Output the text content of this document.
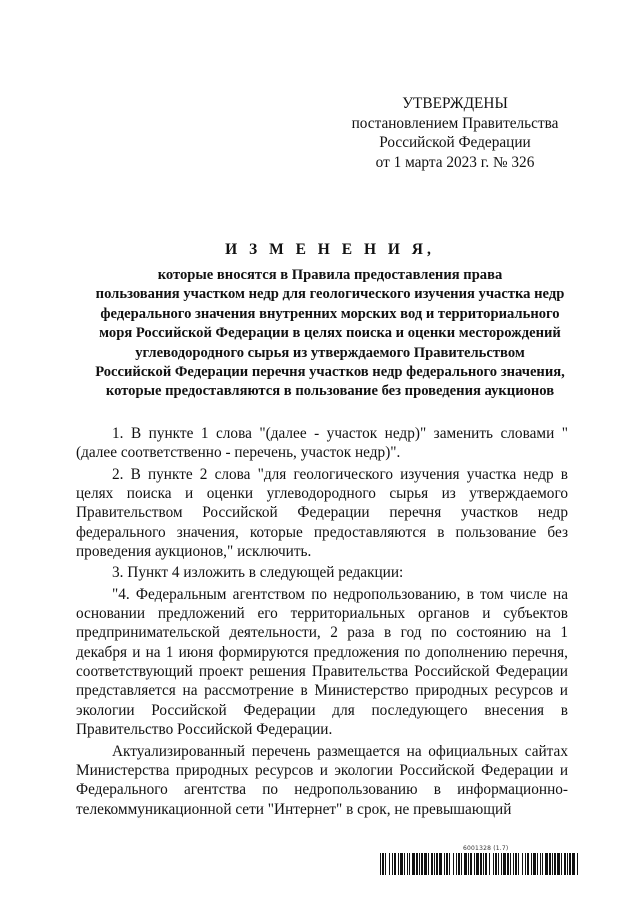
УТВЕРЖДЕНЫ
постановлением Правительства
Российской Федерации
от 1 марта 2023 г. № 326
И З М Е Н Е Н И Я,
которые вносятся в Правила предоставления права
пользования участком недр для геологического изучения участка недр
федерального значения внутренних морских вод и территориального
моря Российской Федерации в целях поиска и оценки месторождений
углеводородного сырья из утверждаемого Правительством
Российской Федерации перечня участков недр федерального значения,
которые предоставляются в пользование без проведения аукционов

1. В пункте 1 слова "(далее - участок недр)" заменить словами "(далее соответственно - перечень, участок недр)".

2. В пункте 2 слова "для геологического изучения участка недр в целях поиска и оценки углеводородного сырья из утверждаемого Правительством Российской Федерации перечня участков недр федерального значения, которые предоставляются в пользование без проведения аукционов," исключить.

3. Пункт 4 изложить в следующей редакции:

"4. Федеральным агентством по недропользованию, в том числе на основании предложений его территориальных органов и субъектов предпринимательской деятельности, 2 раза в год по состоянию на 1 декабря и на 1 июня формируются предложения по дополнению перечня, соответствующий проект решения Правительства Российской Федерации представляется на рассмотрение в Министерство природных ресурсов и экологии Российской Федерации для последующего внесения в Правительство Российской Федерации.

Актуализированный перечень размещается на официальных сайтах Министерства природных ресурсов и экологии Российской Федерации и Федерального агентства по недропользованию в информационно-телекоммуникационной сети "Интернет" в срок, не превышающий

6001328 (1.7)
